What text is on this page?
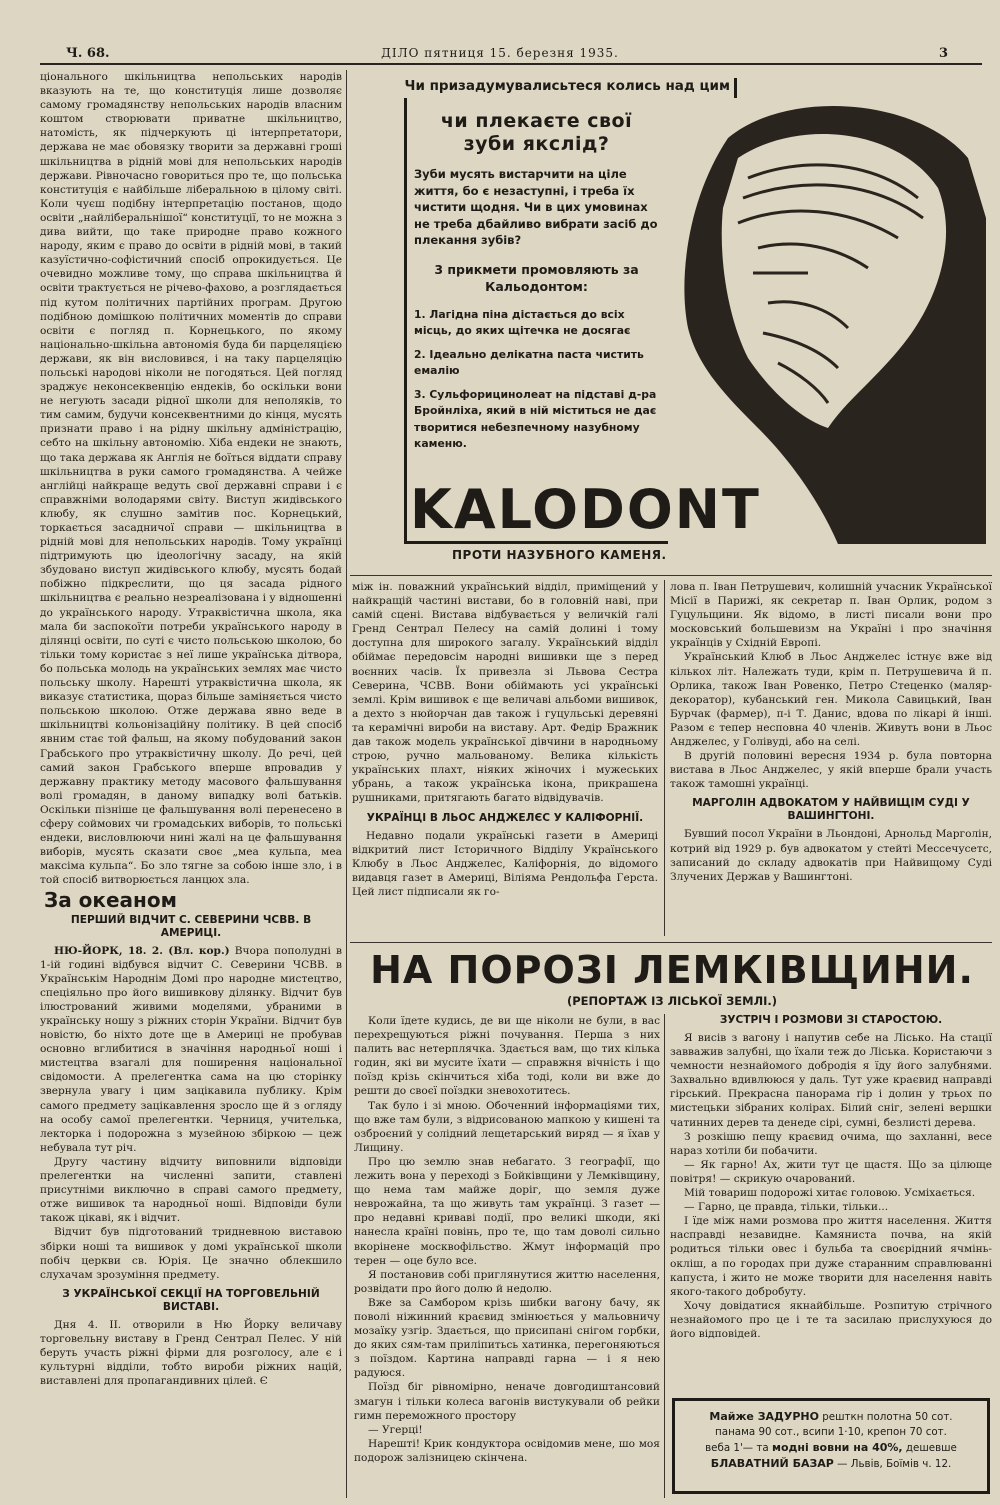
Ч. 68.	ДІЛО пятниця 15. березня 1935.	3

ціонального шкільництва непольських народів вказують на те, що конституція лише дозволяє самому громадянству непольських народів власним коштом створювати приватне шкільництво, натомість, як підчеркують ці інтерпретатори, держава не має обовязку творити за державні гроші шкільництва в рідній мові для непольських народів держави. Рівночасно говориться про те, що польська конституція є найбільше ліберальною в цілому світі. Коли чуєш подібну інтерпретацію постанов, щодо освіти „найліберальнішої“ конституції, то не можна з дива вийти, що таке природне право кожного народу, яким є право до освіти в рідній мові, в такий казуїстично-софістичний спосіб опрокидується. Це очевидно можливе тому, що справа шкільництва й освіти трактується не річево-фахово, а розглядається під кутом політичних партійних програм. Другою подібною домішкою політичних моментів до справи освіти є погляд п. Корнецького, по якому національно-шкільна автономія буда би парцеляцією держави, як він висловився, і на таку парцеляцію польські народові ніколи не погодяться. Цей погляд зраджує неконсеквенцію ендеків, бо оскільки вони не негують засади рідної школи для неполяків, то тим самим, будучи консеквентними до кінця, мусять признати право і на рідну шкільну адміністрацію, себто на шкільну автономію. Хіба ендеки не знають, що така держава як Англія не боїться віддати справу шкільництва в руки самого громадянства. А чейже англійці найкраще ведуть свої державні справи і є справжніми володарями світу. Виступ жидівського клюбу, як слушно замітив пос. Корнецький, торкається засадничої справи — шкільництва в рідній мові для непольських народів. Тому українці підтримують цю ідеологічну засаду, на якій збудовано виступ жидівського клюбу, мусять бодай побіжно підкреслити, що ця засада рідного шкільництва є реально незреалізована і у відношенні до українського народу. Утраквістична школа, яка мала би заспокоїти потреби українського народу в ділянці освіти, по суті є чисто польською школою, бо тільки тому користає з неї лише українська дітвора, бо польська молодь на українських землях має чисто польську школу. Нарешті утраквістична школа, як виказує статистика, щораз більше заміняється чисто польською школою. Отже держава явно веде в шкільництві кольонізаційну політику. В цей спосіб явним стає той фальш, на якому побудований закон Грабського про утраквістичну школу. До речі, цей самий закон Грабського вперше впровадив у державну практику методу масового фальшування волі громадян, в даному випадку волі батьків. Оскільки пізніше це фальшування волі перенесено в сферу соймових чи громадських виборів, то польські ендеки, висловлюючи нині жалі на це фальшування виборів, мусять сказати своє „меа кульпа, меа максіма кульпа“. Бо зло тягне за собою інше зло, і в той спосіб витворюється ланцюх зла.

За океаном
ПЕРШИЙ ВІДЧИТ С. СЕВЕРИНИ ЧСВВ. В АМЕРИЦІ.

НЮ-ЙОРК, 18. 2. (Вл. кор.) Вчора пополудні в 1-ій годині відбувся відчит С. Северини ЧСВВ. в Українськім Народнім Домі про народне мистецтво, спеціяльно про його вишивкову ділянку. Відчит був ілюстрований живими моделями, убраними в українську ношу з ріжних сторін України. Відчит був новістю, бо ніхто доте ще в Америці не пробував основно вглибитися в значіння народньої ноші і мистецтва взагалі для поширення національної свідомости. А прелегентка сама на цю сторінку звернула увагу і цим зацікавила публику. Крім самого предмету зацікавлення зросло ще й з огляду на особу самої прелегентки. Черниця, учителька, лекторка і подорожна з музейною збіркою — цеж небувала тут річ.

Другу частину відчиту виповнили відповіди прелегентки на численні запити, ставлені присутніми виключно в справі самого предмету, отже вишивок та народньої ноші. Відповіди були також цікаві, як і відчит.

Відчит був підготований тридневною виставою збірки ноші та вишивок у домі української школи побіч церкви св. Юрія. Це значно облекшило слухачам зрозуміння предмету.

З УКРАЇНСЬКОЇ СЕКЦІЇ НА ТОРГОВЕЛЬНІЙ ВИСТАВІ.

Дня 4. II. отворили в Ню Йорку величаву торговельну виставу в Гренд Сентрал Пелес. У ній беруть участь ріжні фірми для розголосу, але є і культурні відділи, тобто вироби ріжних націй, виставлені для пропагандивних цілей. Є

Чи призадумувалисьтеся колись над цим
чи плекаєте свої зуби якслід?
Зуби мусять вистарчити на ціле життя, бо є незаступні, і треба їх чистити щодня. Чи в цих умовинах не треба дбайливо вибрати засіб до плекання зубів?
3 прикмети промовляють за Кальодонтом:
1. Лагідна піна дістається до всіх місць, до яких щітечка не досягає
2. Ідеально делікатна паста чистить емалію
3. Сульфорицинолеат на підставі д-ра Бройнліха, який в ній міститься не дає творитися небезпечному назубному каменю.
KALODONT
ПРОТИ НАЗУБНОГО КАМЕНЯ.

між ін. поважний український відділ, приміщений у найкращій частині вистави, бо в головній наві, при самій сцені. Вистава відбувається у величкій галі Гренд Сентрал Пелесу на самій долині і тому доступна для широкого загалу. Український відділ обіймає передовсім народні вишивки ще з перед воєнних часів. Їх привезла зі Львова Сестра Северина, ЧСВВ. Вони обіймають усі українські землі. Крім вишивок є ще величаві альбоми вишивок, а дехто з нюйорчан дав також і гуцульські деревяні та керамічні вироби на виставу. Арт. Федір Бражник дав також модель української дівчини в народньому строю, ручно мальованому. Велика кількість українських плахт, ніяких жіночих і мужеських убрань, а також українська ікона, прикрашена рушниками, притягають багато відвідувачів.

УКРАЇНЦІ В ЛЬОС АНДЖЕЛЄС У КАЛІФОРНІЇ.

Недавно подали українські газети в Америці відкритий лист Історичного Відділу Українського Клюбу в Льос Анджелес, Каліфорнія, до відомого видавця газет в Америці, Віліяма Рендольфа Герста. Цей лист підписали як го-

лова п. Іван Петрушевич, колишній учасник Української Місії в Парижі, як секретар п. Іван Орлик, родом з Гуцульщини. Як відомо, в листі писали вони про московський большевизм на Україні і про значіння українців у Східній Европі.

Український Клюб в Льос Анджелес істнує вже від кількох літ. Належать туди, крім п. Петрушевича й п. Орлика, також Іван Ровенко, Петро Стеценко (маляр-декоратор), кубанський ген. Микола Савицький, Іван Бурчак (фармер), п-і Т. Данис, вдова по лікарі й інші. Разом є тепер несповна 40 членів. Живуть вони в Льос Анджелес, у Голівуді, або на селі.

В другій половині вересня 1934 р. була повторна вистава в Льос Анджелес, у якій вперше брали участь також тамошні українці.

МАРГОЛІН АДВОКАТОМ У НАЙВИЩІМ СУДІ У ВАШИНГТОНІ.

Бувший посол України в Льондоні, Арнольд Марголін, котрий від 1929 р. був адвокатом у стейті Мессечусетс, записаний до складу адвокатів при Найвищому Суді Злучених Держав у Вашингтоні.

НА ПОРОЗІ ЛЕМКІВЩИНИ.
(РЕПОРТАЖ ІЗ ЛІСЬКОЇ ЗЕМЛІ.)

Коли їдете кудись, де ви ще ніколи не були, в вас перехрещуються ріжні почування. Перша з них палить вас нетерплячка. Здається вам, що тих кілька годин, які ви мусите їхати — справжня вічність і що поїзд крізь скінчиться хіба тоді, коли ви вже до решти до своєї поїздки зневохотитесь.

Так було і зі мною. Обоченний інформаціями тих, що вже там були, з відрисованою мапкою у кишені та озброєний у солідний лещетарський виряд — я їхав у Лищину.

Про цю землю знав небагато. З географії, що лежить вона у переході з Бойківщини у Лемківщину, що нема там майже доріг, що земля дуже неврожайна, та що живуть там українці. З газет — про недавні криваві події, про великі шкоди, які нанесла країні повінь, про те, що там доволі сильно вкорінене москвофільство. Жмут інформацій про терен — оце було все.

Я постановив собі приглянутися життю населення, розвідати про його долю й недолю.

Вже за Самбором крізь шибки вагону бачу, як поволі ніжинний краєвид змінюється у мальовничу мозаїку узгір. Здається, що присипані снігом горбки, до яких сям-там приліпитьсь хатинка, перегоняються з поїздом. Картина направді гарна — і я нею радуюся.

Поїзд біг рівномірно, неначе довгодиштансовий змагун і тільки колеса вагонів вистукували об рейки гимн переможного простору

— Угерці!

Нарешті! Крик кондуктора освідомив мене, шо моя подорож залізницею скінчена.

ЗУСТРІЧ І РОЗМОВИ ЗІ СТАРОСТОЮ.

Я висів з вагону і напутив себе на Лісько. На стації завважив залубні, що їхали теж до Ліська. Користаючи з чемности незнайомого добродія я їду його залубнями. Захвально вдивлююся у даль. Тут уже краєвид направді гірський. Прекрасна панорама гір і долин у трьох по мистецьки зібраних колірах. Білий сніг, зелені вершки чатинних дерев та денеде сірі, сумні, безлисті дерева.

З розкішю пещу краєвид очима, що захланні, весе нараз хотіли би побачити.

— Як гарно! Ах, жити тут це щастя. Що за цілюще повітря! — скрикую очарований.

Мій товариш подорожі хитає головою. Усміхається.

— Гарно, це правда, тільки, тільки...

І їде між нами розмова про життя населення. Життя насправді незавидне. Камяниста почва, на якій родиться тільки овес і бульба та своєрідний ячмінь-окліш, а по городах при дуже старанним справлюванні капуста, і жито не може творити для населення навіть якого-такого добробуту.

Хочу довідатися якнайбільше. Розпитую стрічного незнайомого про це і те та засилаю прислухуюся до його відповідей.

Майже ЗАДУРНО решткн полотна 50 сот.
панама 90 сот., всипи 1·10, крепон 70 сот.
веба 1'— та модні вовни на 40%, дешевше
БЛАВАТНИЙ БАЗАР — Львів, Боїмів ч. 12.
